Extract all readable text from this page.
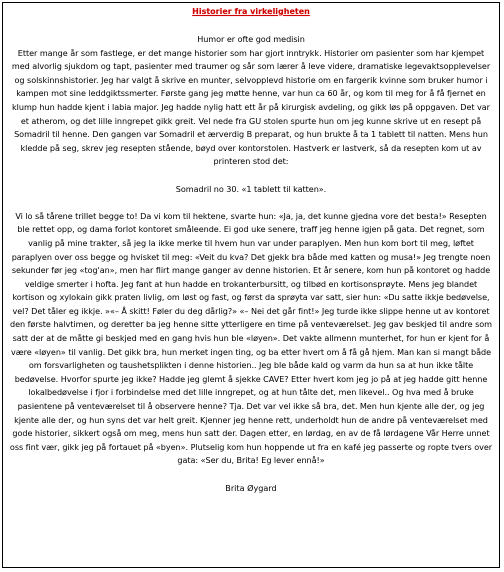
Historier fra virkeligheten

Humor er ofte god medisin

Etter mange år som fastlege, er det mange historier som har gjort inntrykk. Historier om pasienter som har kjempet med alvorlig sjukdom og tapt, pasienter med traumer og sår som lærer å leve videre, dramatiske legevaktsopplevelser og solskinnshistorier. Jeg har valgt å skrive en munter, selvopplevd historie om en fargerik kvinne som bruker humor i kampen mot sine leddgiktssmerter. Første gang jeg møtte henne, var hun ca 60 år, og kom til meg for å få fjernet en klump hun hadde kjent i labia major. Jeg hadde nylig hatt ett år på kirurgisk avdeling, og gikk løs på oppgaven. Det var et atherom, og det lille inngrepet gikk greit. Vel nede fra GU stolen spurte hun om jeg kunne skrive ut en resept på Somadril til henne. Den gangen var Somadril et ærverdig B preparat, og hun brukte å ta 1 tablett til natten. Mens hun kledde på seg, skrev jeg resepten stående, bøyd over kontorstolen. Hastverk er lastverk, så da resepten kom ut av printeren stod det:

Somadril no 30. «1 tablett til katten».

Vi lo så tårene trillet begge to! Da vi kom til hektene, svarte hun: «Ja, ja, det kunne gjedna vore det besta!» Resepten ble rettet opp, og dama forlot kontoret småleende. Ei god uke senere, traff jeg henne igjen på gata. Det regnet, som vanlig på mine trakter, så jeg la ikke merke til hvem hun var under paraplyen. Men hun kom bort til meg, løftet paraplyen over oss begge og hvisket til meg: «Veit du kva? Det gjekk bra både med katten og musa!» Jeg trengte noen sekunder før jeg «tog'an», men har flirt mange ganger av denne historien. Et år senere, kom hun på kontoret og hadde veldige smerter i hofta. Jeg fant at hun hadde en trokanterbursitt, og tilbød en kortisonsprøyte. Mens jeg blandet kortison og xylokain gikk praten livlig, om løst og fast, og først da sprøyta var satt, sier hun: «Du satte ikkje bedøvelse, vel? Det tåler eg ikkje. »«– Å skitt! Føler du deg dårlig?» «– Nei det går fint!» Jeg turde ikke slippe henne ut av kontoret den første halvtimen, og deretter ba jeg henne sitte ytterligere en time på venteværelset. Jeg gav beskjed til andre som satt der at de måtte gi beskjed med en gang hvis hun ble «løyen». Det vakte allmenn munterhet, for hun er kjent for å være «løyen» til vanlig. Det gikk bra, hun merket ingen ting, og ba etter hvert om å få gå hjem. Man kan si mangt både om forsvarligheten og taushetsplikten i denne historien.. Jeg ble både kald og varm da hun sa at hun ikke tålte bedøvelse. Hvorfor spurte jeg ikke? Hadde jeg glemt å sjekke CAVE? Etter hvert kom jeg jo på at jeg hadde gitt henne lokalbedøvelse i fjor i forbindelse med det lille inngrepet, og at hun tålte det, men likevel.. Og hva med å bruke pasientene på venteværelset til å observere henne? Tja. Det var vel ikke så bra, det. Men hun kjente alle der, og jeg kjente alle der, og hun syns det var helt greit. Kjenner jeg henne rett, underholdt hun de andre på venteværelset med gode historier, sikkert også om meg, mens hun satt der. Dagen etter, en lørdag, en av de få lørdagene Vår Herre unnet oss fint vær, gikk jeg på fortauet på «byen». Plutselig kom hun hoppende ut fra en kafé jeg passerte og ropte tvers over gata: «Ser du, Brita! Eg lever ennå!»

Brita Øygard
